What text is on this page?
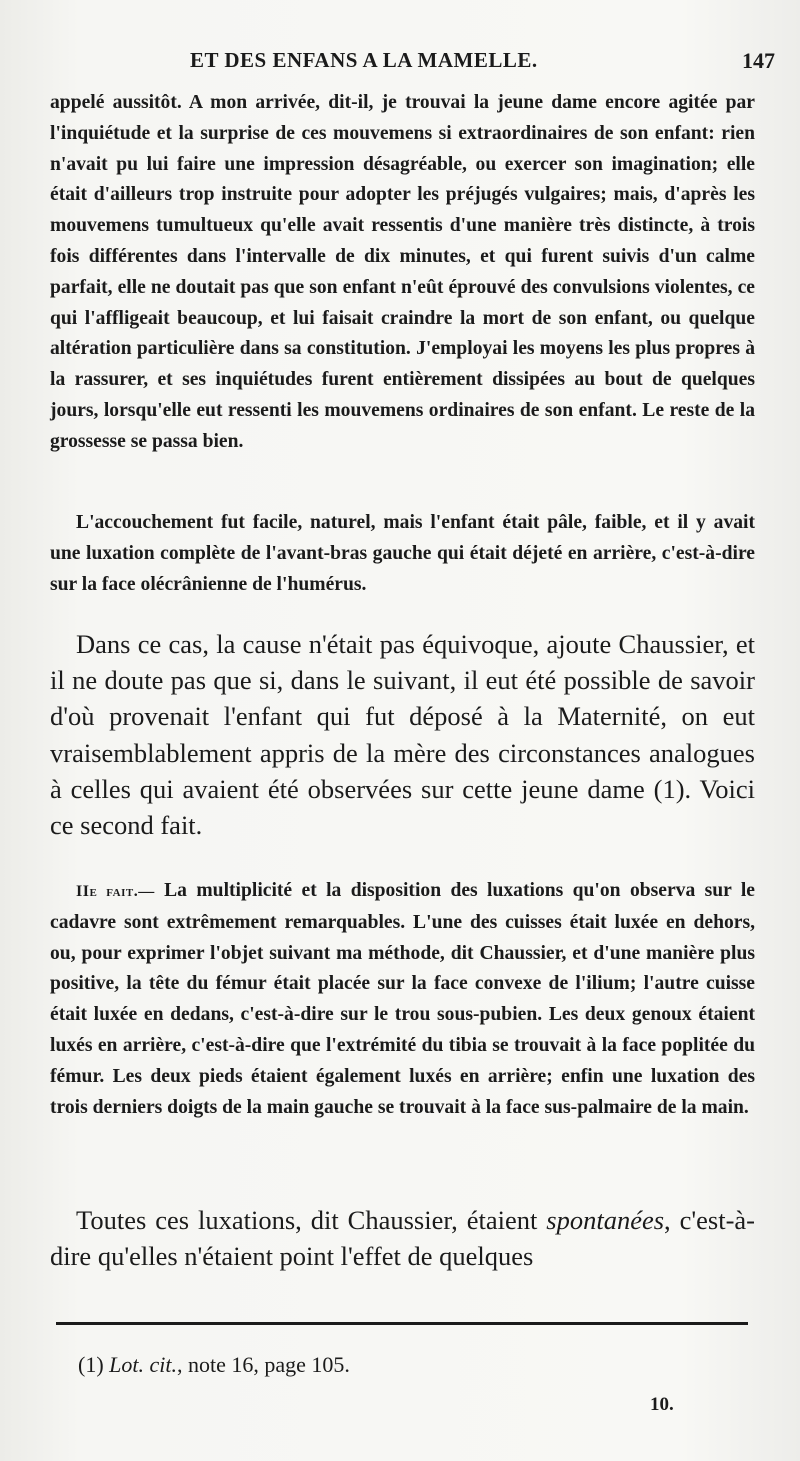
ET DES ENFANS A LA MAMELLE.	147

appelé aussitôt. A mon arrivée, dit-il, je trouvai la jeune dame encore agitée par l'inquiétude et la surprise de ces mouvemens si extraordinaires de son enfant: rien n'avait pu lui faire une impression désagréable, ou exercer son imagination; elle était d'ailleurs trop instruite pour adopter les préjugés vulgaires; mais, d'après les mouvemens tumultueux qu'elle avait ressentis d'une manière très distincte, à trois fois différentes dans l'intervalle de dix minutes, et qui furent suivis d'un calme parfait, elle ne doutait pas que son enfant n'eût éprouvé des convulsions violentes, ce qui l'affligeait beaucoup, et lui faisait craindre la mort de son enfant, ou quelque altération particulière dans sa constitution. J'employai les moyens les plus propres à la rassurer, et ses inquiétudes furent entièrement dissipées au bout de quelques jours, lorsqu'elle eut ressenti les mouvemens ordinaires de son enfant. Le reste de la grossesse se passa bien.

L'accouchement fut facile, naturel, mais l'enfant était pâle, faible, et il y avait une luxation complète de l'avant-bras gauche qui était déjeté en arrière, c'est-à-dire sur la face olécrânienne de l'humérus.

Dans ce cas, la cause n'était pas équivoque, ajoute Chaussier, et il ne doute pas que si, dans le suivant, il eut été possible de savoir d'où provenait l'enfant qui fut déposé à la Maternité, on eut vraisemblablement appris de la mère des circonstances analogues à celles qui avaient été observées sur cette jeune dame (1). Voici ce second fait.

IIe fait.— La multiplicité et la disposition des luxations qu'on observa sur le cadavre sont extrêmement remarquables. L'une des cuisses était luxée en dehors, ou, pour exprimer l'objet suivant ma méthode, dit Chaussier, et d'une manière plus positive, la tête du fémur était placée sur la face convexe de l'ilium; l'autre cuisse était luxée en dedans, c'est-à-dire sur le trou sous-pubien. Les deux genoux étaient luxés en arrière, c'est-à-dire que l'extrémité du tibia se trouvait à la face poplitée du fémur. Les deux pieds étaient également luxés en arrière; enfin une luxation des trois derniers doigts de la main gauche se trouvait à la face sus-palmaire de la main.

Toutes ces luxations, dit Chaussier, étaient spontanées, c'est-à-dire qu'elles n'étaient point l'effet de quelques

(1) Lot. cit., note 16, page 105.
10.
